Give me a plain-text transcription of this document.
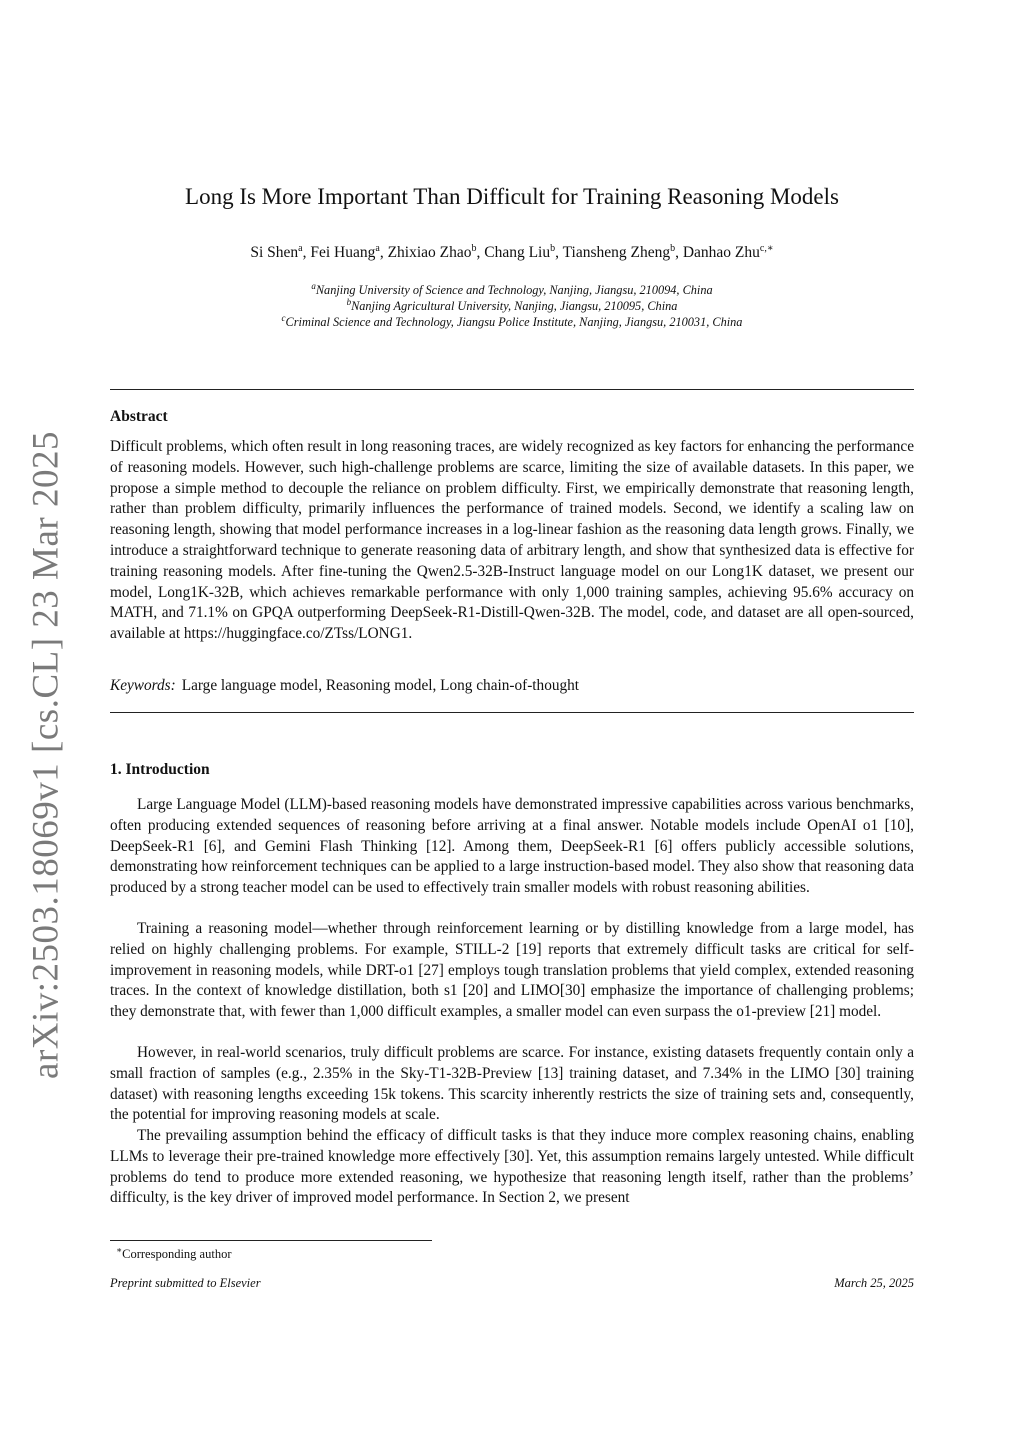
arXiv:2503.18069v1 [cs.CL] 23 Mar 2025
Long Is More Important Than Difficult for Training Reasoning Models
Si Shen$^a$, Fei Huang$^a$, Zhixiao Zhao$^b$, Chang Liu$^b$, Tiansheng Zheng$^b$, Danhao Zhu$^{c,∗}$
$^a$Nanjing University of Science and Technology, Nanjing, Jiangsu, 210094, China
$^b$Nanjing Agricultural University, Nanjing, Jiangsu, 210095, China
$^c$Criminal Science and Technology, Jiangsu Police Institute, Nanjing, Jiangsu, 210031, China
Abstract

Difficult problems, which often result in long reasoning traces, are widely recognized as key factors for enhancing the performance of reasoning models. However, such high-challenge problems are scarce, limiting the size of available datasets. In this paper, we propose a simple method to decouple the reliance on problem difficulty. First, we empirically demonstrate that reasoning length, rather than problem difficulty, primarily influences the performance of trained models. Second, we identify a scaling law on reasoning length, showing that model performance increases in a log-linear fashion as the reasoning data length grows. Finally, we introduce a straightforward technique to generate reasoning data of arbitrary length, and show that synthesized data is effective for training reasoning models. After fine-tuning the Qwen2.5-32B-Instruct language model on our Long1K dataset, we present our model, Long1K-32B, which achieves remarkable performance with only 1,000 training samples, achieving 95.6% accuracy on MATH, and 71.1% on GPQA outperforming DeepSeek-R1-Distill-Qwen-32B. The model, code, and dataset are all open-sourced, available at https://huggingface.co/ZTss/LONG1.

Keywords: Large language model, Reasoning model, Long chain-of-thought
1. Introduction

Large Language Model (LLM)-based reasoning models have demonstrated impressive capabilities across various benchmarks, often producing extended sequences of reasoning before arriving at a final answer. Notable models include OpenAI o1 [10], DeepSeek-R1 [6], and Gemini Flash Thinking [12]. Among them, DeepSeek-R1 [6] offers publicly accessible solutions, demonstrating how reinforcement techniques can be applied to a large instruction-based model. They also show that reasoning data produced by a strong teacher model can be used to effectively train smaller models with robust reasoning abilities.

Training a reasoning model—whether through reinforcement learning or by distilling knowledge from a large model, has relied on highly challenging problems. For example, STILL-2 [19] reports that extremely difficult tasks are critical for self-improvement in reasoning models, while DRT-o1 [27] employs tough translation problems that yield complex, extended reasoning traces. In the context of knowledge distillation, both s1 [20] and LIMO[30] emphasize the importance of challenging problems; they demonstrate that, with fewer than 1,000 difficult examples, a smaller model can even surpass the o1-preview [21] model.

However, in real-world scenarios, truly difficult problems are scarce. For instance, existing datasets frequently contain only a small fraction of samples (e.g., 2.35% in the Sky-T1-32B-Preview [13] training dataset, and 7.34% in the LIMO [30] training dataset) with reasoning lengths exceeding 15k tokens. This scarcity inherently restricts the size of training sets and, consequently, the potential for improving reasoning models at scale.

The prevailing assumption behind the efficacy of difficult tasks is that they induce more complex reasoning chains, enabling LLMs to leverage their pre-trained knowledge more effectively [30]. Yet, this assumption remains largely untested. While difficult problems do tend to produce more extended reasoning, we hypothesize that reasoning length itself, rather than the problems’ difficulty, is the key driver of improved model performance. In Section 2, we present

∗Corresponding author
Preprint submitted to Elsevier	March 25, 2025
